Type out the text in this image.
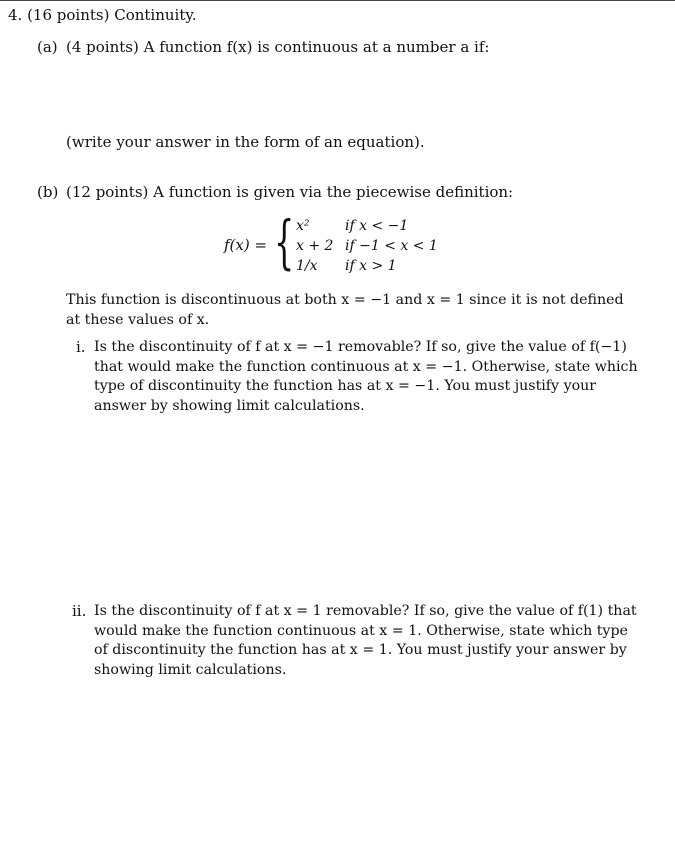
4. (16 points) Continuity.
(a) (4 points) A function f(x) is continuous at a number a if:
(write your answer in the form of an equation).
(b) (12 points) A function is given via the piecewise definition:
f(x) = { x²	if x < −1
x + 2 if −1 < x < 1
1/x if x > 1
This function is discontinuous at both x = −1 and x = 1 since it is not defined
at these values of x.
i. Is the discontinuity of f at x = −1 removable? If so, give the value of f(−1)
that would make the function continuous at x = −1. Otherwise, state which
type of discontinuity the function has at x = −1. You must justify your
answer by showing limit calculations.
ii. Is the discontinuity of f at x = 1 removable? If so, give the value of f(1) that
would make the function continuous at x = 1. Otherwise, state which type
of discontinuity the function has at x = 1. You must justify your answer by
showing limit calculations.
